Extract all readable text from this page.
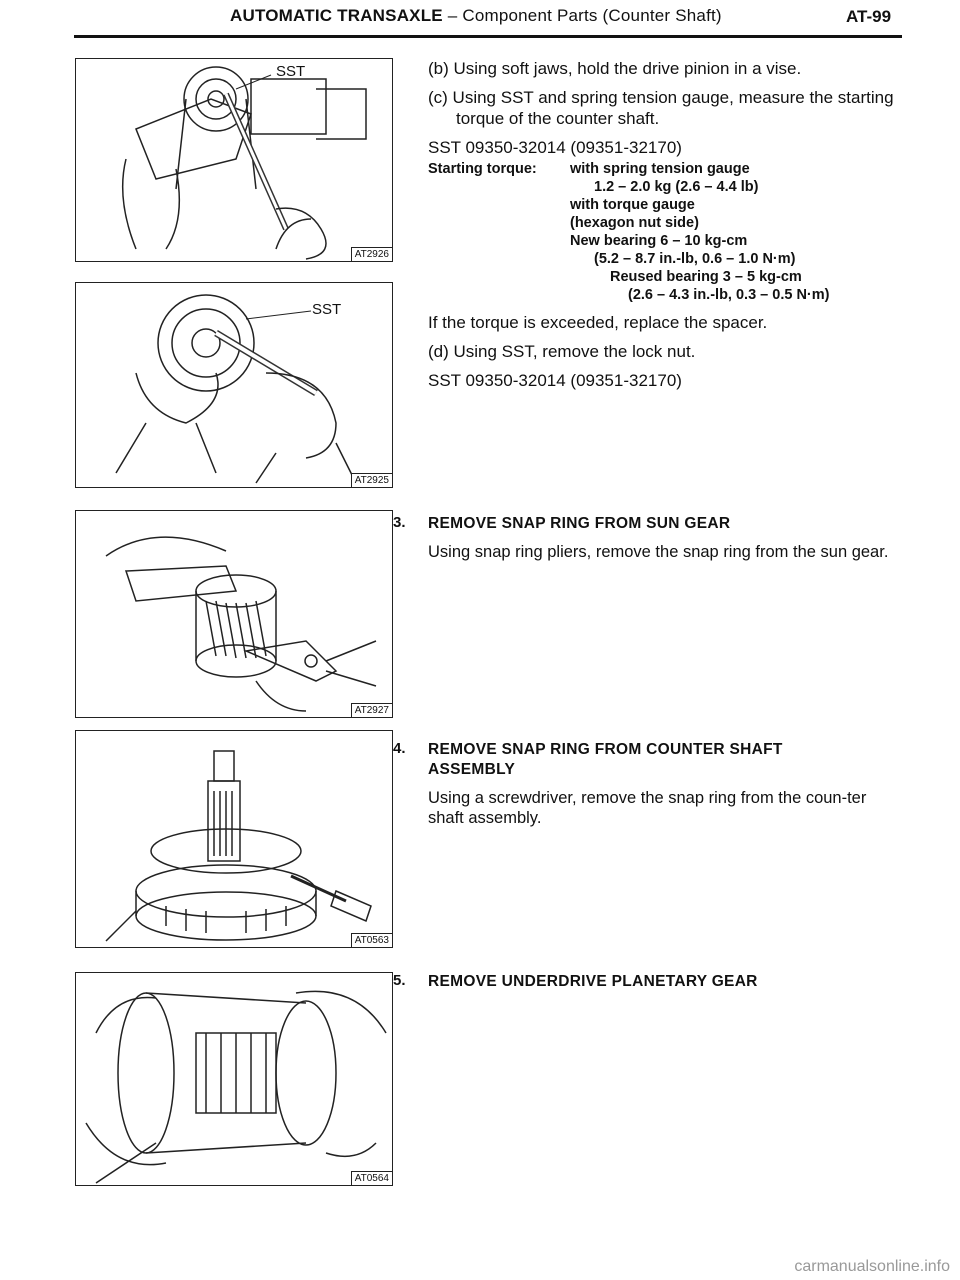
AUTOMATIC TRANSAXLE – Component Parts (Counter Shaft)	AT-99
SST
AT2926
SST
AT2925
AT2927
AT0563
AT0564

(b) Using soft jaws, hold the drive pinion in a vise.

(c) Using SST and spring tension gauge, measure the starting torque of the counter shaft.

SST 09350-32014 (09351-32170)

Starting torque: with spring tension gauge
1.2 – 2.0 kg (2.6 – 4.4 lb)
with torque gauge
(hexagon nut side)
New bearing 6 – 10 kg-cm
(5.2 – 8.7 in.-lb, 0.6 – 1.0 N·m)
Reused bearing 3 – 5 kg-cm
(2.6 – 4.3 in.-lb, 0.3 – 0.5 N·m)

If the torque is exceeded, replace the spacer.

(d) Using SST, remove the lock nut.

SST 09350-32014 (09351-32170)

3. REMOVE SNAP RING FROM SUN GEAR
Using snap ring pliers, remove the snap ring from the sun gear.
4. REMOVE SNAP RING FROM COUNTER SHAFT ASSEMBLY
Using a screwdriver, remove the snap ring from the coun-ter shaft assembly.
5. REMOVE UNDERDRIVE PLANETARY GEAR
carmanualsonline.info
